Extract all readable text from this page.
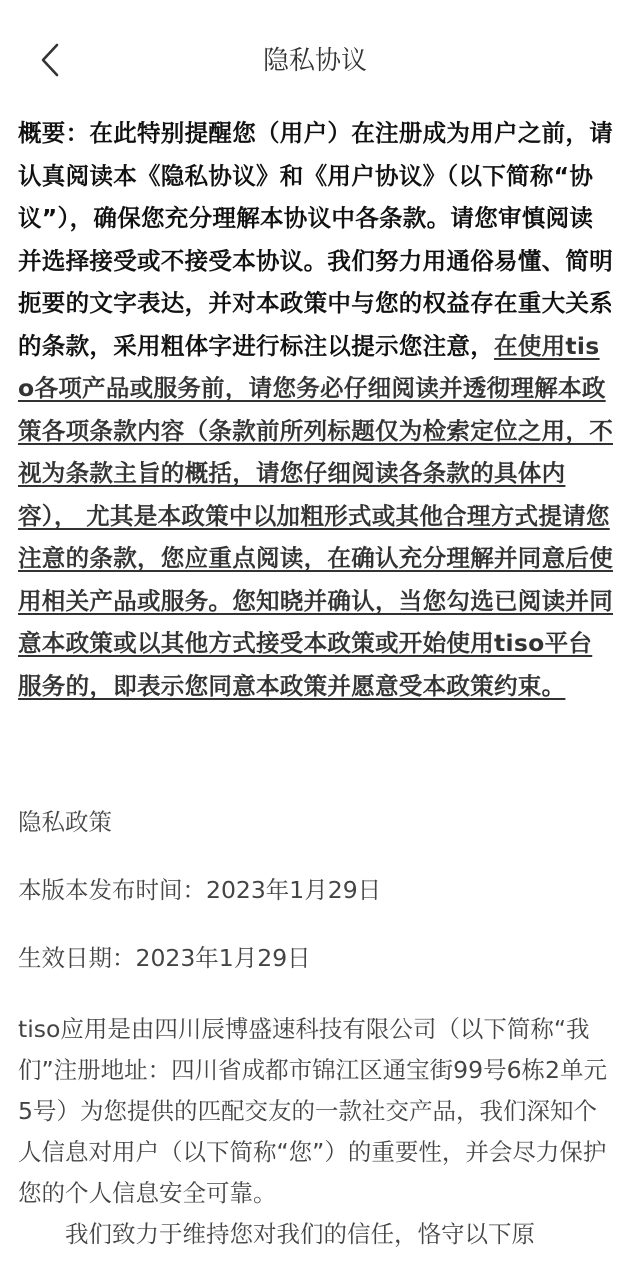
隐私协议

概要：在此特别提醒您（用户）在注册成为用户之前，请认真阅读本《隐私协议》和《用户协议》（以下简称“协议”），确保您充分理解本协议中各条款。请您审慎阅读并选择接受或不接受本协议。我们努力用通俗易懂、简明扼要的文字表达，并对本政策中与您的权益存在重大关系的条款，采用粗体字进行标注以提示您注意，在使用tiso各项产品或服务前，请您务必仔细阅读并透彻理解本政策各项条款内容（条款前所列标题仅为检索定位之用，不视为条款主旨的概括，请您仔细阅读各条款的具体内容）， 尤其是本政策中以加粗形式或其他合理方式提请您注意的条款，您应重点阅读，在确认充分理解并同意后使用相关产品或服务。您知晓并确认，当您勾选已阅读并同意本政策或以其他方式接受本政策或开始使用tiso平台服务的，即表示您同意本政策并愿意受本政策约束。

隐私政策

本版本发布时间：2023年1月29日

生效日期：2023年1月29日

tiso应用是由四川辰博盛速科技有限公司（以下简称“我们”注册地址：四川省成都市锦江区通宝街99号6栋2单元5号）为您提供的匹配交友的一款社交产品，我们深知个人信息对用户（以下简称“您”）的重要性，并会尽力保护您的个人信息安全可靠。

我们致力于维持您对我们的信任，恪守以下原
